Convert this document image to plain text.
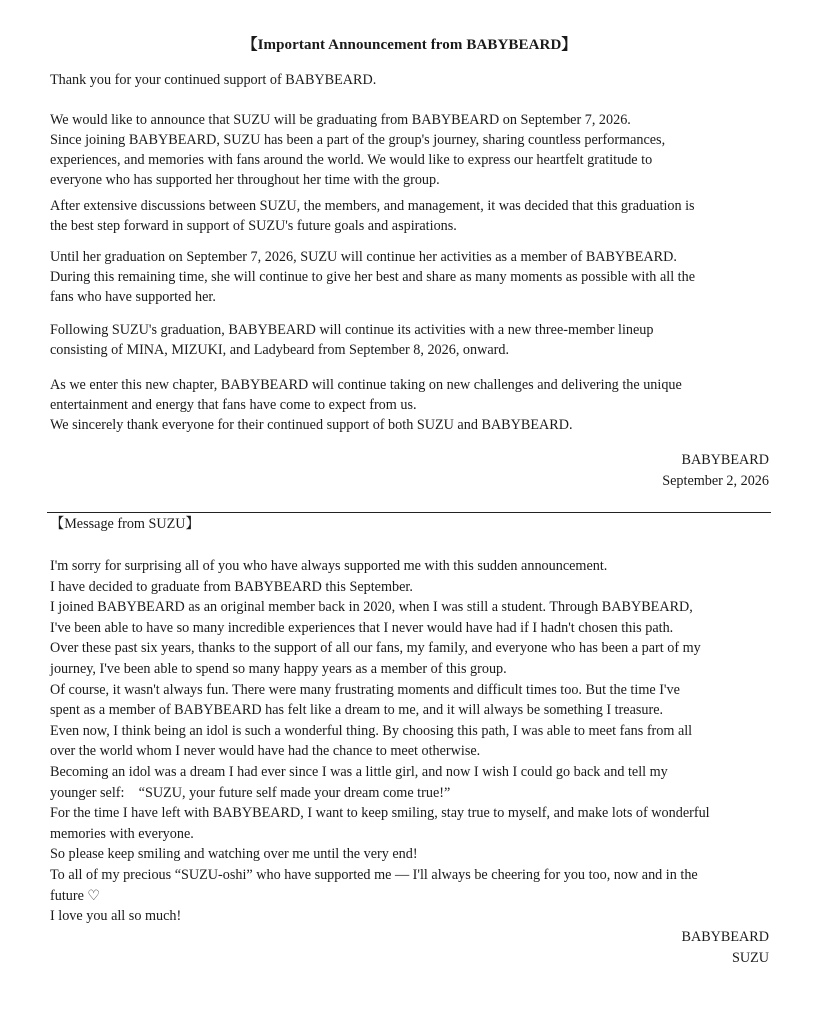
【Important Announcement from BABYBEARD】
Thank you for your continued support of BABYBEARD.
We would like to announce that SUZU will be graduating from BABYBEARD on September 7, 2026.
Since joining BABYBEARD, SUZU has been a part of the group's journey, sharing countless performances,
experiences, and memories with fans around the world. We would like to express our heartfelt gratitude to
everyone who has supported her throughout her time with the group.
After extensive discussions between SUZU, the members, and management, it was decided that this graduation is
the best step forward in support of SUZU's future goals and aspirations.
Until her graduation on September 7, 2026, SUZU will continue her activities as a member of BABYBEARD.
During this remaining time, she will continue to give her best and share as many moments as possible with all the
fans who have supported her.
Following SUZU's graduation, BABYBEARD will continue its activities with a new three-member lineup
consisting of MINA, MIZUKI, and Ladybeard from September 8, 2026, onward.
As we enter this new chapter, BABYBEARD will continue taking on new challenges and delivering the unique
entertainment and energy that fans have come to expect from us.
We sincerely thank everyone for their continued support of both SUZU and BABYBEARD.
BABYBEARD
September 2, 2026
【Message from SUZU】
I'm sorry for surprising all of you who have always supported me with this sudden announcement.
I have decided to graduate from BABYBEARD this September.
I joined BABYBEARD as an original member back in 2020, when I was still a student. Through BABYBEARD,
I've been able to have so many incredible experiences that I never would have had if I hadn't chosen this path.
Over these past six years, thanks to the support of all our fans, my family, and everyone who has been a part of my
journey, I've been able to spend so many happy years as a member of this group.
Of course, it wasn't always fun. There were many frustrating moments and difficult times too. But the time I've
spent as a member of BABYBEARD has felt like a dream to me, and it will always be something I treasure.
Even now, I think being an idol is such a wonderful thing. By choosing this path, I was able to meet fans from all
over the world whom I never would have had the chance to meet otherwise.
Becoming an idol was a dream I had ever since I was a little girl, and now I wish I could go back and tell my
younger self:　“SUZU, your future self made your dream come true!”
For the time I have left with BABYBEARD, I want to keep smiling, stay true to myself, and make lots of wonderful
memories with everyone.
So please keep smiling and watching over me until the very end!
To all of my precious “SUZU-oshi” who have supported me — I'll always be cheering for you too, now and in the
future ♡
I love you all so much!
BABYBEARD
SUZU
